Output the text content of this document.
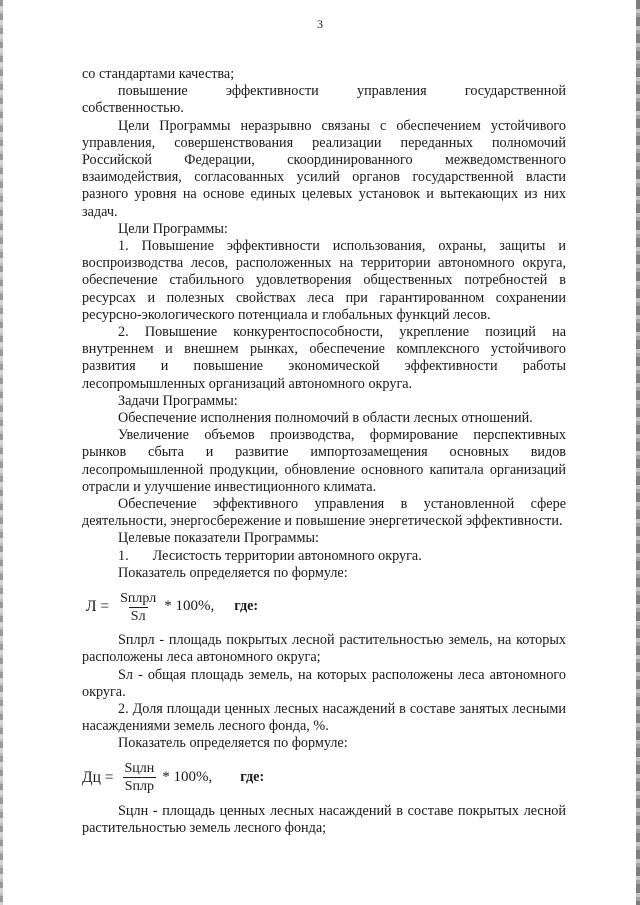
3

со стандартами качества;

повышение эффективности управления государственной

собственностью.

Цели Программы неразрывно связаны с обеспечением устойчивого управления, совершенствования реализации переданных полномочий Российской Федерации, скоординированного межведомственного взаимодействия, согласованных усилий органов государственной власти разного уровня на основе единых целевых установок и вытекающих из них задач.

Цели Программы:

1. Повышение эффективности использования, охраны, защиты и воспроизводства лесов, расположенных на территории автономного округа, обеспечение стабильного удовлетворения общественных потребностей в ресурсах и полезных свойствах леса при гарантированном сохранении ресурсно-экологического потенциала и глобальных функций лесов.

2. Повышение конкурентоспособности, укрепление позиций на внутреннем и внешнем рынках, обеспечение комплексного устойчивого развития и повышение экономической эффективности работы лесопромышленных организаций автономного округа.

Задачи Программы:

Обеспечение исполнения полномочий в области лесных отношений.

Увеличение объемов производства, формирование перспективных рынков сбыта и развитие импортозамещения основных видов лесопромышленной продукции, обновление основного капитала организаций отрасли и улучшение инвестиционного климата.

Обеспечение эффективного управления в установленной сфере деятельности, энергосбережение и повышение энергетической эффективности.

Целевые показатели Программы:

1. Лесистость территории автономного округа.

Показатель определяется по формуле:

$Л = \frac{\text{Sплрл}}{Sл} * 100\%$, где:

Sплрл - площадь покрытых лесной растительностью земель, на которых расположены леса автономного округа;

Sл - общая площадь земель, на которых расположены леса автономного округа.

2. Доля площади ценных лесных насаждений в составе занятых лесными насаждениями земель лесного фонда, %.

Показатель определяется по формуле:

Дц = $\frac{\text{Sцлн}}{\text{Sплр}} * 100\%$, где:

Sцлн - площадь ценных лесных насаждений в составе покрытых лесной растительностью земель лесного фонда;
